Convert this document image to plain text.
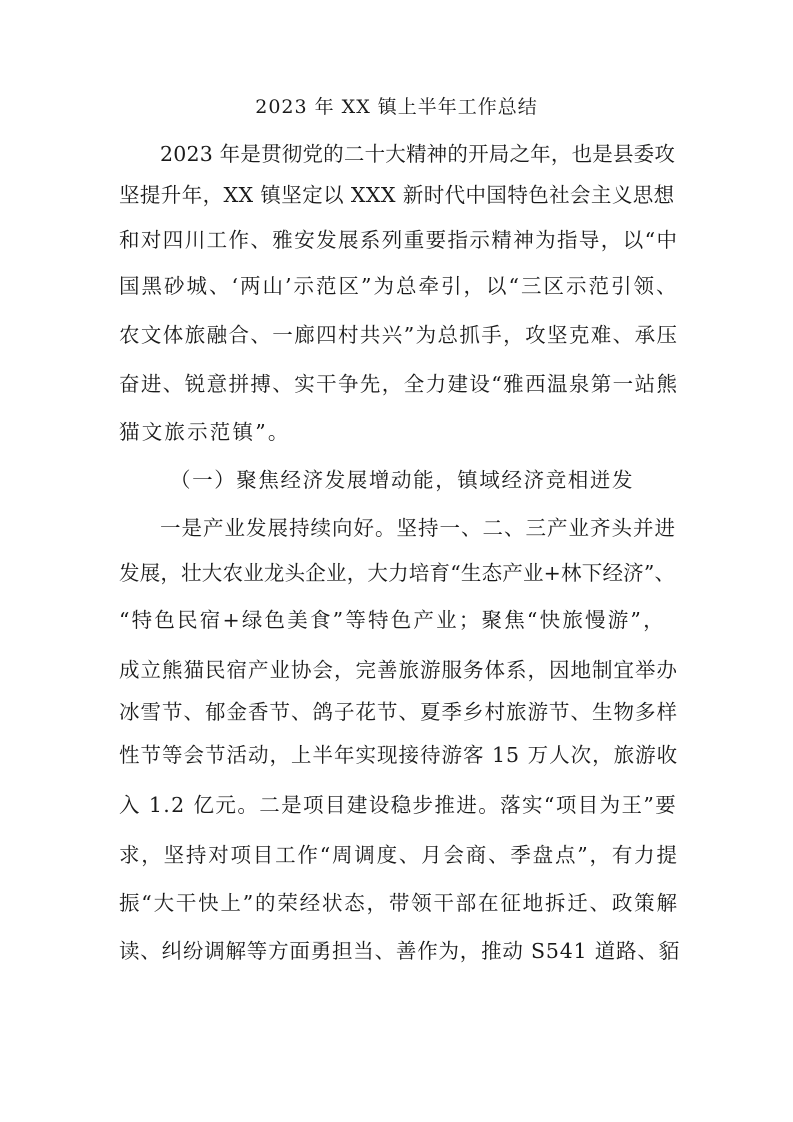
2023 年 XX 镇上半年工作总结
2023 年是贯彻党的二十大精神的开局之年，也是县委攻
坚提升年，XX 镇坚定以 XXX 新时代中国特色社会主义思想
和对四川工作、雅安发展系列重要指示精神为指导，以“中
国黑砂城、‘两山’示范区”为总牵引，以“三区示范引领、
农文体旅融合、一廊四村共兴”为总抓手，攻坚克难、承压
奋进、锐意拼搏、实干争先，全力建设“雅西温泉第一站熊
猫文旅示范镇”。
（一）聚焦经济发展增动能，镇域经济竞相迸发
一是产业发展持续向好。坚持一、二、三产业齐头并进
发展，壮大农业龙头企业，大力培育“生态产业+林下经济”、
“特色民宿+绿色美食”等特色产业；聚焦“快旅慢游”，
成立熊猫民宿产业协会，完善旅游服务体系，因地制宜举办
冰雪节、郁金香节、鸽子花节、夏季乡村旅游节、生物多样
性节等会节活动，上半年实现接待游客 15 万人次，旅游收
入 1.2 亿元。二是项目建设稳步推进。落实“项目为王”要
求，坚持对项目工作“周调度、月会商、季盘点”，有力提
振“大干快上”的荣经状态，带领干部在征地拆迁、政策解
读、纠纷调解等方面勇担当、善作为，推动 S541 道路、貊
